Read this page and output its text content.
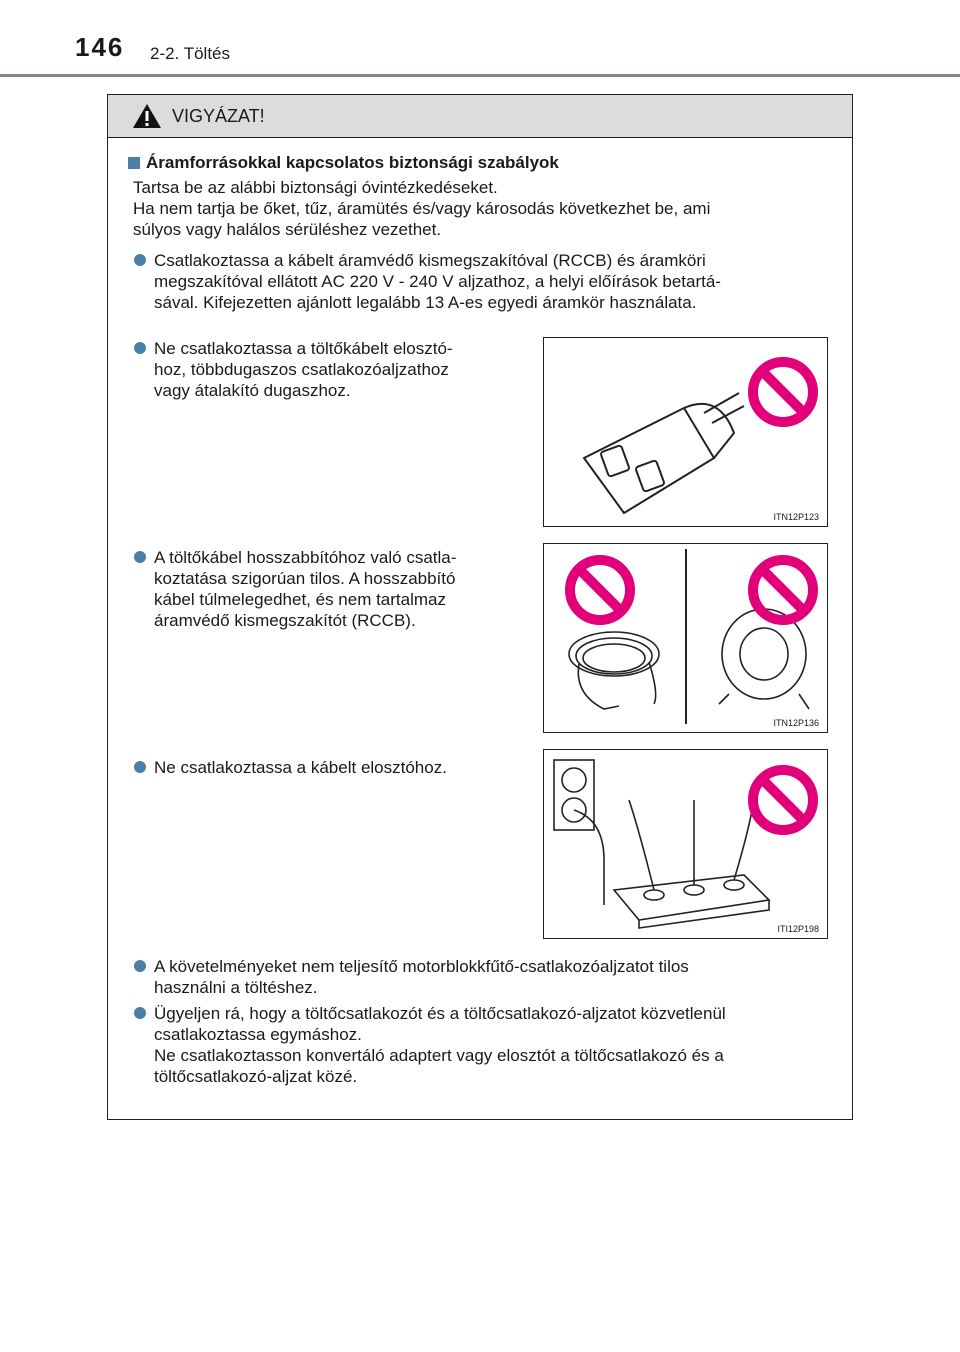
146 2-2. Töltés
VIGYÁZAT!
Áramforrásokkal kapcsolatos biztonsági szabályok
Tartsa be az alábbi biztonsági óvintézkedéseket.
Ha nem tartja be őket, tűz, áramütés és/vagy károsodás következhet be, ami
súlyos vagy halálos sérüléshez vezethet.
Csatlakoztassa a kábelt áramvédő kismegszakítóval (RCCB) és áramköri
megszakítóval ellátott AC 220 V - 240 V aljzathoz, a helyi előírások betartá-
sával. Kifejezetten ajánlott legalább 13 A-es egyedi áramkör használata.
Ne csatlakoztassa a töltőkábelt elosztó-
hoz, többdugaszos csatlakozóaljzathoz
vagy átalakító dugaszhoz.
ITN12P123
A töltőkábel hosszabbítóhoz való csatla-
koztatása szigorúan tilos. A hosszabbító
kábel túlmelegedhet, és nem tartalmaz
áramvédő kismegszakítót (RCCB).
ITN12P136
Ne csatlakoztassa a kábelt elosztóhoz.
ITI12P198
A követelményeket nem teljesítő motorblokkfűtő-csatlakozóaljzatot tilos
használni a töltéshez.
Ügyeljen rá, hogy a töltőcsatlakozót és a töltőcsatlakozó-aljzatot közvetlenül
csatlakoztassa egymáshoz.
Ne csatlakoztasson konvertáló adaptert vagy elosztót a töltőcsatlakozó és a
töltőcsatlakozó-aljzat közé.
